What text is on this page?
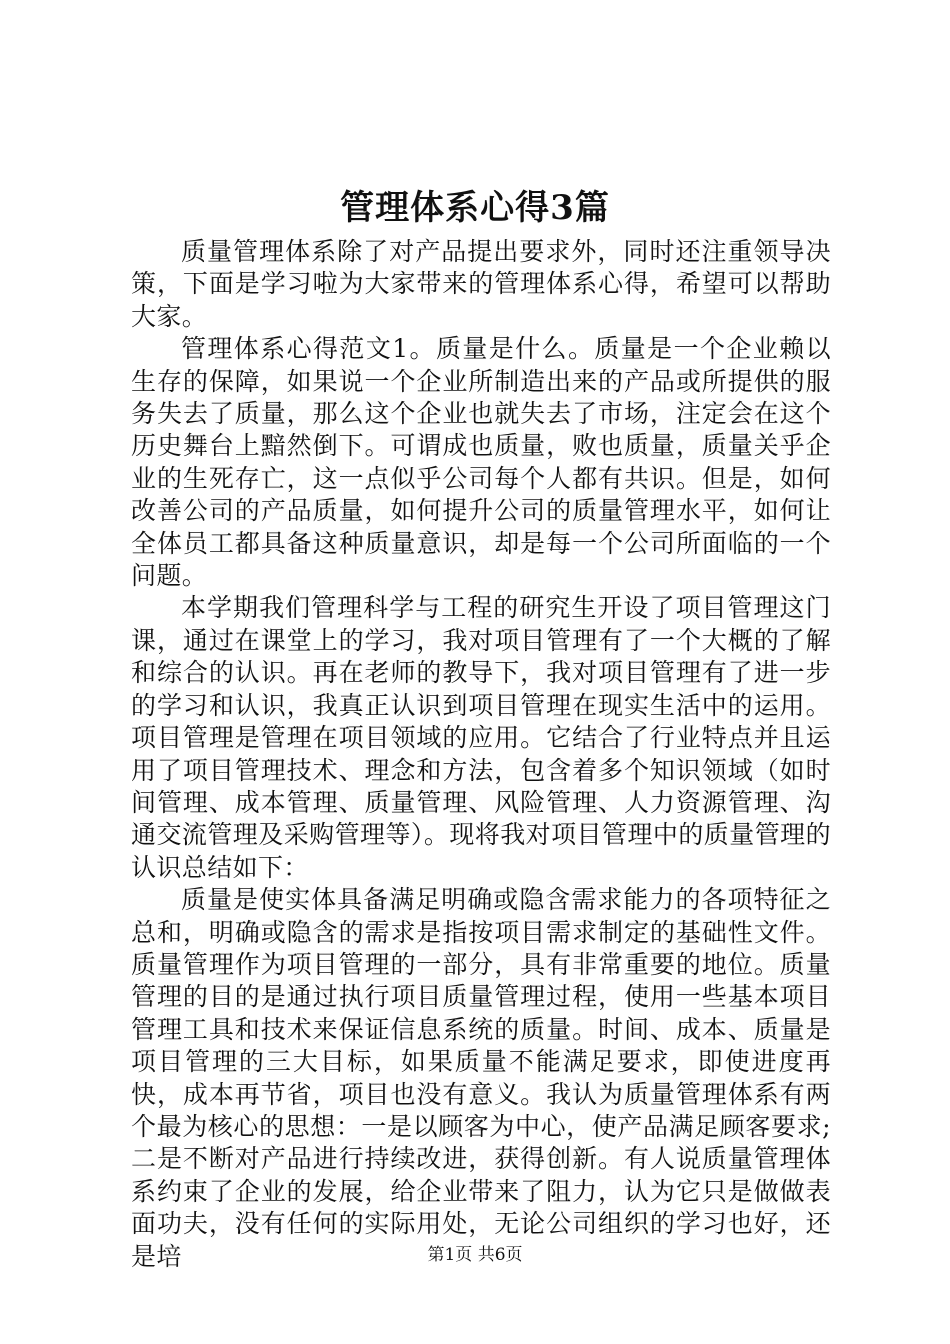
管理体系心得3篇

质量管理体系除了对产品提出要求外，同时还注重领导决策，下面是学习啦为大家带来的管理体系心得，希望可以帮助大家。

管理体系心得范文1。质量是什么。质量是一个企业赖以生存的保障，如果说一个企业所制造出来的产品或所提供的服务失去了质量，那么这个企业也就失去了市场，注定会在这个历史舞台上黯然倒下。可谓成也质量，败也质量，质量关乎企业的生死存亡，这一点似乎公司每个人都有共识。但是，如何改善公司的产品质量，如何提升公司的质量管理水平，如何让全体员工都具备这种质量意识，却是每一个公司所面临的一个问题。

本学期我们管理科学与工程的研究生开设了项目管理这门课，通过在课堂上的学习，我对项目管理有了一个大概的了解和综合的认识。再在老师的教导下，我对项目管理有了进一步的学习和认识，我真正认识到项目管理在现实生活中的运用。项目管理是管理在项目领域的应用。它结合了行业特点并且运用了项目管理技术、理念和方法，包含着多个知识领域（如时间管理、成本管理、质量管理、风险管理、人力资源管理、沟通交流管理及采购管理等）。现将我对项目管理中的质量管理的认识总结如下：

质量是使实体具备满足明确或隐含需求能力的各项特征之总和，明确或隐含的需求是指按项目需求制定的基础性文件。质量管理作为项目管理的一部分，具有非常重要的地位。质量管理的目的是通过执行项目质量管理过程，使用一些基本项目管理工具和技术来保证信息系统的质量。时间、成本、质量是项目管理的三大目标，如果质量不能满足要求，即使进度再快，成本再节省，项目也没有意义。我认为质量管理体系有两个最为核心的思想：一是以顾客为中心，使产品满足顾客要求;二是不断对产品进行持续改进，获得创新。有人说质量管理体系约束了企业的发展，给企业带来了阻力，认为它只是做做表面功夫，没有任何的实际用处，无论公司组织的学习也好，还是培	第1页 共6页
